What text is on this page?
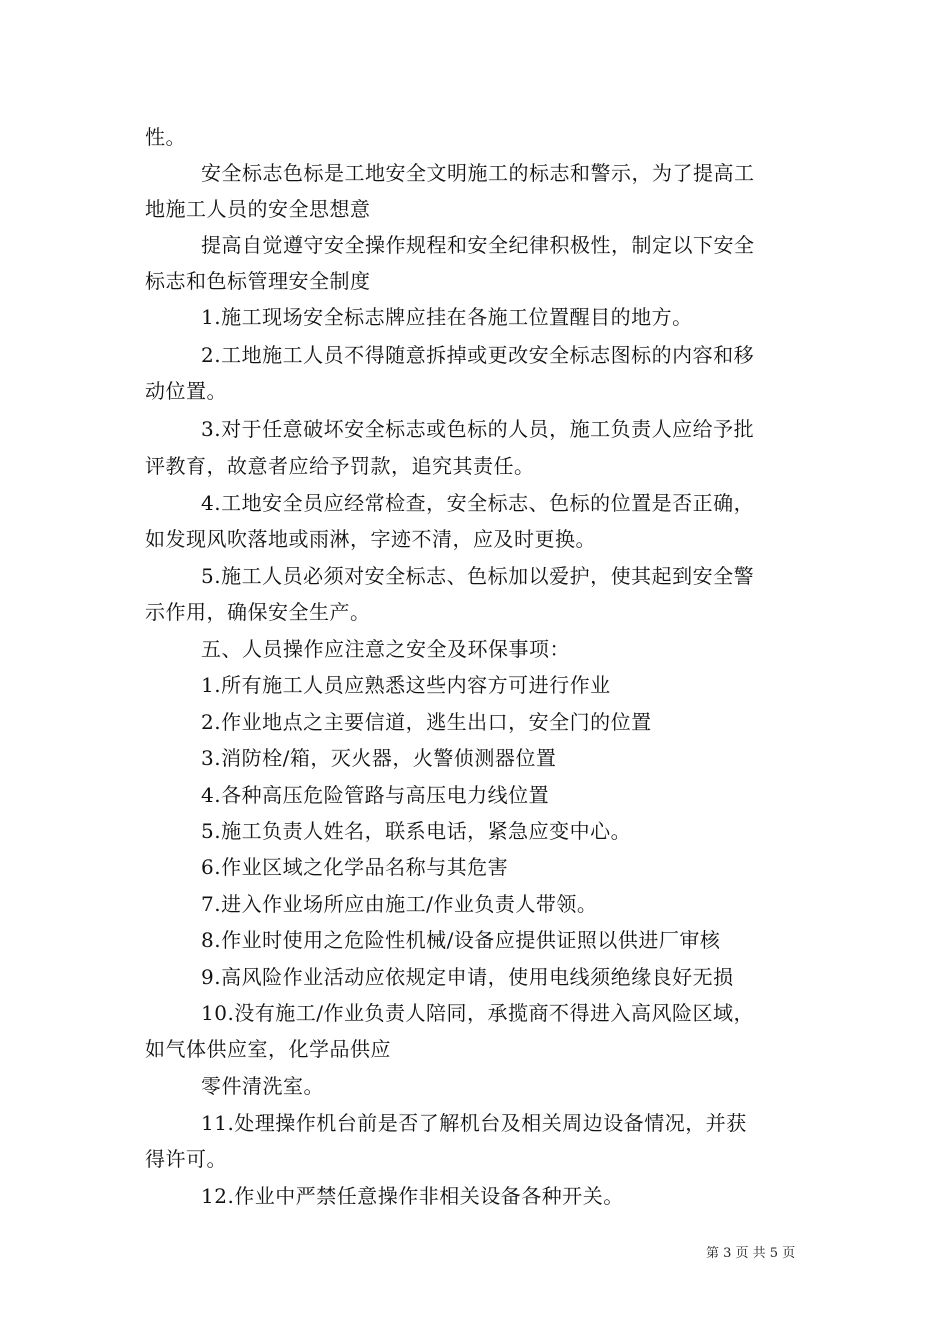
性。
安全标志色标是工地安全文明施工的标志和警示，为了提高工
地施工人员的安全思想意
提高自觉遵守安全操作规程和安全纪律积极性，制定以下安全
标志和色标管理安全制度
1.施工现场安全标志牌应挂在各施工位置醒目的地方。
2.工地施工人员不得随意拆掉或更改安全标志图标的内容和移
动位置。
3.对于任意破坏安全标志或色标的人员，施工负责人应给予批
评教育，故意者应给予罚款，追究其责任。
4.工地安全员应经常检查，安全标志、色标的位置是否正确，
如发现风吹落地或雨淋，字迹不清，应及时更换。
5.施工人员必须对安全标志、色标加以爱护，使其起到安全警
示作用，确保安全生产。
五、人员操作应注意之安全及环保事项：
1.所有施工人员应熟悉这些内容方可进行作业
2.作业地点之主要信道，逃生出口，安全门的位置
3.消防栓/箱，灭火器，火警侦测器位置
4.各种高压危险管路与高压电力线位置
5.施工负责人姓名，联系电话，紧急应变中心。
6.作业区域之化学品名称与其危害
7.进入作业场所应由施工/作业负责人带领。
8.作业时使用之危险性机械/设备应提供证照以供进厂审核
9.高风险作业活动应依规定申请，使用电线须绝缘良好无损
10.没有施工/作业负责人陪同，承揽商不得进入高风险区域，
如气体供应室，化学品供应
零件清洗室。
11.处理操作机台前是否了解机台及相关周边设备情况，并获
得许可。
12.作业中严禁任意操作非相关设备各种开关。
第 3 页 共 5 页
